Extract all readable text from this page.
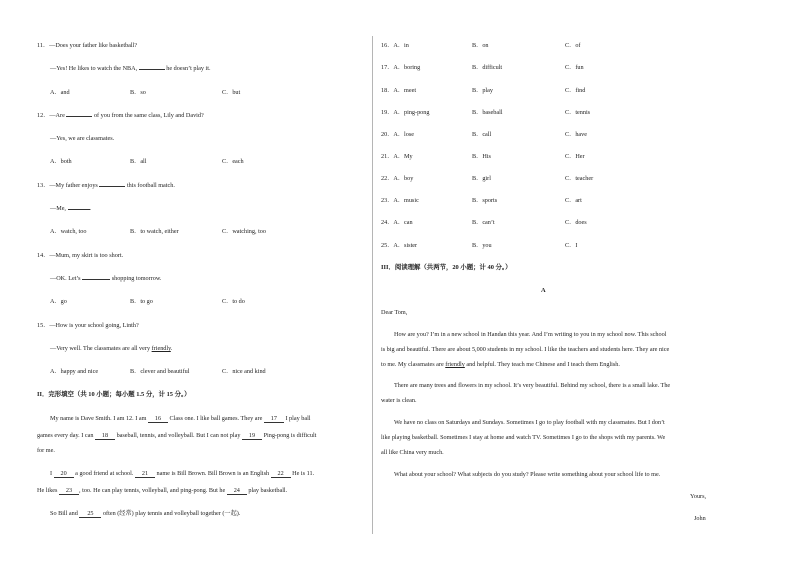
11．—Does your father like basketball?
—Yes! He likes to watch the NBA,	he doesn’t play it.
A．and	B．so	C．but
12．—Are	of you from the same class, Lily and David?
—Yes, we are classmates.
A．both	B．all	C．each
13．—My father enjoys	this football match.
—Me,	.
A．watch, too	B．to watch, either	C．watching, too
14．—Mum, my skirt is too short.
—OK. Let’s	shopping tomorrow.
A．go	B．to go	C．to do
15．—How is your school going, Linth?
—Very well. The classmates are all very friendly.
A．happy and nice	B．clever and beautiful	C．nice and kind
II．完形填空（共 10 小题；每小题 1.5 分，计 15 分。）
My name is Dave Smith. I am 12. I am 16 Class one. I like ball games. They are 17 I play ball
games every day. I can 18 baseball, tennis, and volleyball. But I can not play 19 Ping-pong is difficult
for me.
I 20 a good friend at school. 21 name is Bill Brown. Bill Brown is an English 22 He is 11.
He likes 23 , too. He can play tennis, volleyball, and ping-pong. But he 24 play basketball.
So Bill and 25 often (经常) play tennis and volleyball together (一起).
16．A．in	B．on	C．of
17．A．boring	B．difficult	C．fun
18．A．meet	B．play	C．find
19．A．ping-pong	B．baseball	C．tennis
20．A．lose	B．call	C．have
21．A．My	B．His	C．Her
22．A．boy	B．girl	C．teacher
23．A．music	B．sports	C．art
24．A．can	B．can’t	C．does
25．A．sister	B．you	C．I
III．阅读理解（共两节，20 小题；计 40 分。）
A
Dear Tom,
How are you? I’m in a new school in Handan this year. And I’m writing to you in my school now. This school
is big and beautiful. There are about 5,000 students in my school. I like the teachers and students here. They are nice
to me. My classmates are friendly and helpful. They teach me Chinese and I teach them English.
There are many trees and flowers in my school. It’s very beautiful. Behind my school, there is a small lake. The
water is clean.
We have no class on Saturdays and Sundays. Sometimes I go to play football with my classmates. But I don’t
like playing basketball. Sometimes I stay at home and watch TV. Sometimes I go to the shops with my parents. We
all like China very much.
What about your school? What subjects do you study? Please write something about your school life to me.
Yours,
John
